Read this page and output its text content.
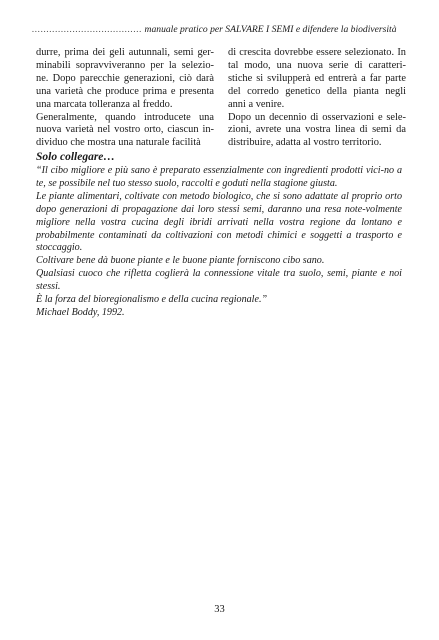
...................................... manuale pratico per SALVARE I SEMI e difendere la biodiversità

durre, prima dei geli autunnali, semi ger-minabili sopravviveranno per la selezio-ne. Dopo parecchie generazioni, ciò darà una varietà che produce prima e presenta una marcata tolleranza al freddo.

Generalmente, quando introducete una nuova varietà nel vostro orto, ciascun in-dividuo che mostra una naturale facilità

di crescita dovrebbe essere selezionato. In tal modo, una nuova serie di caratteri-stiche si svilupperà ed entrerà a far parte del corredo genetico della pianta negli anni a venire.

Dopo un decennio di osservazioni e sele-zioni, avrete una vostra linea di semi da distribuire, adatta al vostro territorio.

Solo collegare…

“Il cibo migliore e più sano è preparato essenzialmente con ingredienti prodotti vici-no a te, se possibile nel tuo stesso suolo, raccolti e goduti nella stagione giusta.

Le piante alimentari, coltivate con metodo biologico, che si sono adattate al proprio orto dopo generazioni di propagazione dai loro stessi semi, daranno una resa note-volmente migliore nella vostra cucina degli ibridi arrivati nella vostra regione da lontano e probabilmente contaminati da coltivazioni con metodi chimici e soggetti a trasporto e stoccaggio.

Coltivare bene dà buone piante e le buone piante forniscono cibo sano.

Qualsiasi cuoco che rifletta coglierà la connessione vitale tra suolo, semi, piante e noi stessi.

È la forza del bioregionalismo e della cucina regionale.”

Michael Boddy, 1992.

33
